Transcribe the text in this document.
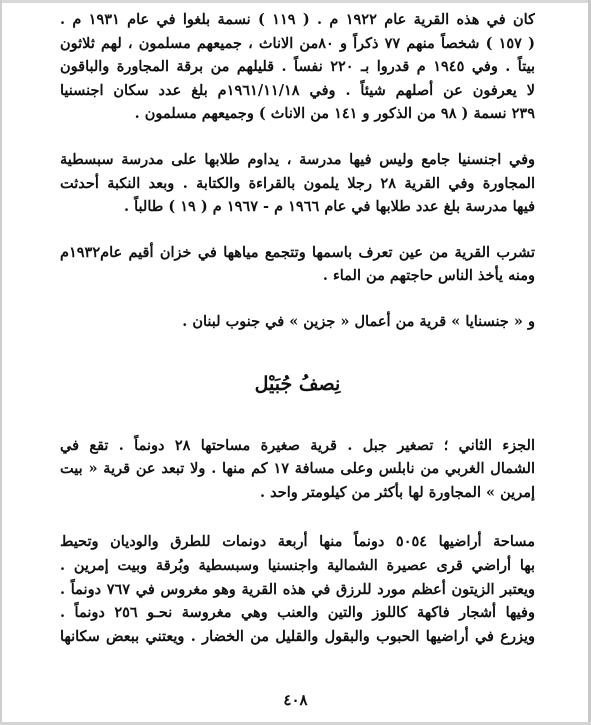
كان في هذه القرية عام ١٩٢٢ م . ( ١١٩ ) نسمة بلغوا في عام ١٩٣١ م .
( ١٥٧ ) شخصاً منهم ٧٧ ذكراً و ٨٠من الاناث ، جميعهم مسلمون ، لهم ثلاثون
بيتاً . وفي ١٩٤٥ م قدروا بـ ٢٢٠ نفساً . قليلهم من برقة المجاورة والباقون
لا يعرفون عن أصلهم شيئاً . وفي ١٩٦١/١١/١٨م بلغ عدد سكان اجنسنيا
٢٣٩ نسمة ( ٩٨ من الذكور و ١٤١ من الاناث ) وجميعهم مسلمون .
وفي اجنسنيا جامع وليس فيها مدرسة ، يداوم طلابها على مدرسة سبسطية
المجاورة وفي القرية ٢٨ رجلا يلمون بالقراءة والكتابة . وبعد النكبة أحدثت
فيها مدرسة بلغ عدد طلابها في عام ١٩٦٦ م - ١٩٦٧ م ( ١٩ ) طالباً .
تشرب القرية من عين تعرف باسمها وتتجمع مياهها في خزان أقيم عام١٩٣٢م
ومنه يأخذ الناس حاجتهم من الماء .
و « جنسنايا » قرية من أعمال « جزين » في جنوب لبنان .
نِصفُ جُبَيْل
الجزء الثاني ؛ تصغير جبل . قرية صغيرة مساحتها ٢٨ دونماً . تقع في
الشمال الغربي من نابلس وعلى مسافة ١٧ كم منها . ولا تبعد عن قرية « بيت
إمرين » المجاورة لها بأكثر من كيلومتر واحد .
مساحة أراضيها ٥٠٥٤ دونماً منها أربعة دونمات للطرق والوديان وتحيط
بها أراضي قرى عصيرة الشمالية واجنسنيا وسبسطية وبُرقة وبيت إمرين .
ويعتبر الزيتون أعظم مورد للرزق في هذه القرية وهو مغروس في ٧٦٧ دونماً .
وفيها أشجار فاكهة كاللوز والتين والعنب وهي مغروسة نحـو ٢٥٦ دونماً .
ويزرع في أراضيها الحبوب والبقول والقليل من الخضار . ويعتني ببعض سكانها
٤٠٨
